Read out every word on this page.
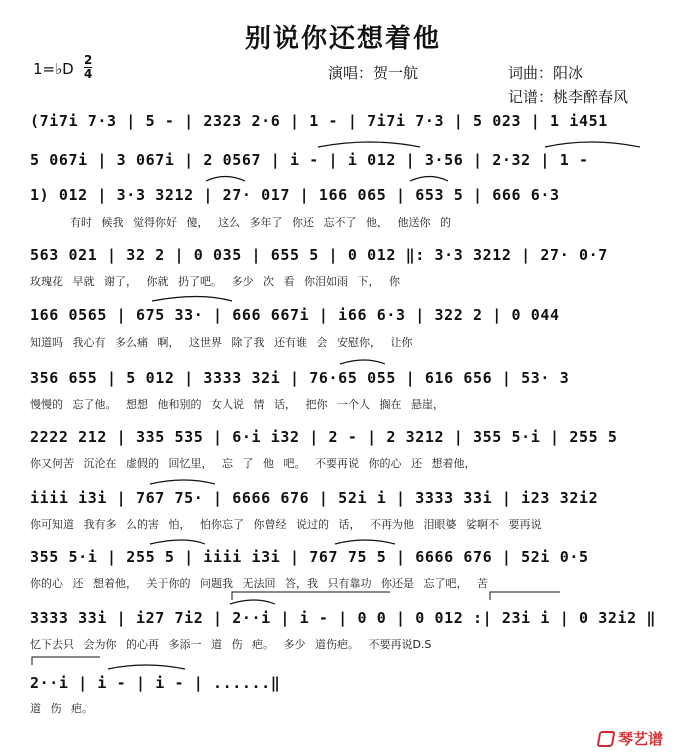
别说你还想着他
1=♭D 2
4	演唱：贺一航	词曲：阳冰
记谱：桃李醉春风
(7i7i 7·3 | 5 - | 2323 2·6 | 1 - | 7i7i 7·3 | 5 023 | 1 i451
5 067i | 3 067i | 2 0567 | i - | i 012 | 3·56 | 2·32 | 1 -
1) 012 | 3·3 3212 | 27· 017 | 166 065 | 653 5 | 666 6·3
有时 候我 觉得你好 傻， 这么 多年了 你还 忘不了 他， 他送你 的
563 021 | 32 2 | 0 035 | 655 5 | 0 012 ‖: 3·3 3212 | 27· 0·7
玫瑰花 早就 谢了， 你就 扔了吧。 多少 次 看 你泪如雨 下， 你
166 0565 | 675 33· | 666 667i | i66 6·3 | 322 2 | 0 044
知道吗 我心有 多么痛 啊， 这世界 除了我 还有谁 会 安慰你， 让你
356 655 | 5 012 | 3333 32i | 76·65 055 | 616 656 | 53· 3
慢慢的 忘了他。 想想 他和别的 女人说 情 话， 把你 一个人 搁在 悬崖，
2222 212 | 335 535 | 6·i i32 | 2 - | 2 3212 | 355 5·i | 255 5
你又何苦 沉沦在 虚假的 回忆里， 忘 了 他 吧。 不要再说 你的心 还 想着他，
iiii i3i | 767 75· | 6666 676 | 52i i | 3333 33i | i23 32i2
你可知道 我有多 么的害 怕， 怕你忘了 你曾经 说过的 话， 不再为他 泪眼婆 娑啊不 要再说
355 5·i | 255 5 | iiii i3i | 767 75 5 | 6666 676 | 52i 0·5
你的心 还 想着他， 关于你的 问题我 无法回 答，我 只有靠功 你还是 忘了吧， 苦
3333 33i | i27 7i2 | 2··i | i - | 0 0 | 0 012 :| 23i i | 0 32i2 ‖
忆下去只 会为你 的心再 多添一 道 伤 疤。 多少 道伤疤。 不要再说D.S
2··i | i - | i - | ......‖
道 伤 疤。
琴艺谱
